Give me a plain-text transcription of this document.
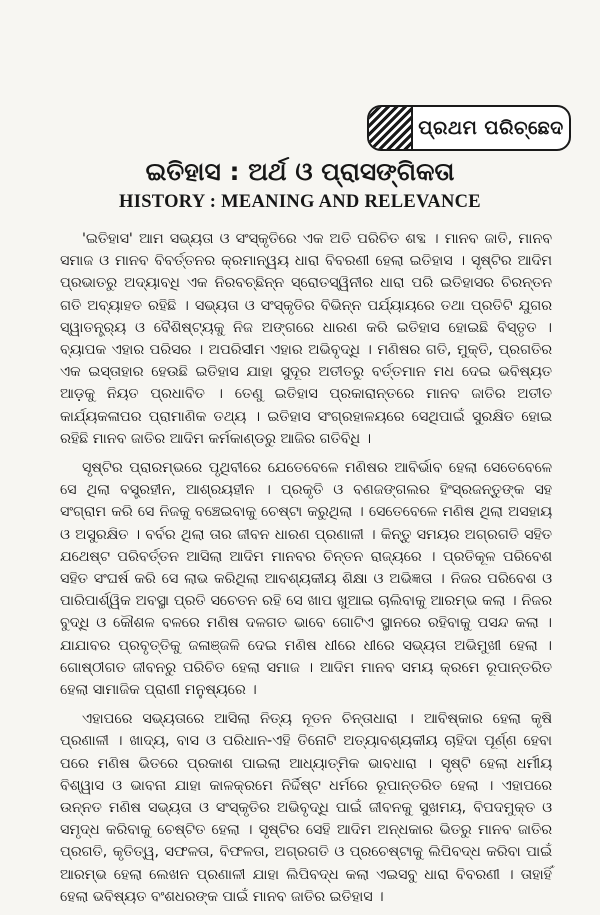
ପ୍ରଥମ ପରିଚ୍ଛେଦ
ଇତିହାସ : ଅର୍ଥ ଓ ପ୍ରାସଙ୍ଗିକତା
HISTORY : MEANING AND RELEVANCE

'ଇତିହାସ' ଆମ ସଭ୍ୟତା ଓ ସଂସ୍କୃତିରେ ଏକ ଅତି ପରିଚିତ ଶବ୍ଦ । ମାନବ ଜାତି, ମାନବ ସମାଜ ଓ ମାନବ ବିବର୍ତ୍ତନର କ୍ରମାନ୍ୱୟ ଧାରା ବିବରଣୀ ହେଲା ଇତିହାସ । ସୃଷ୍ଟିର ଆଦିମ ପ୍ରଭାତରୁ ଅଦ୍ୟାବଧି ଏକ ନିରବଚ୍ଛିନ୍ନ ସ୍ରୋତସ୍ୱିନୀର ଧାରା ପରି ଇତିହାସର ଚିରନ୍ତନ ଗତି ଅବ୍ୟାହତ ରହିଛି । ସଭ୍ୟତା ଓ ସଂସ୍କୃତିର ବିଭିନ୍ନ ପର୍ଯ୍ୟାୟରେ ତଥା ପ୍ରତିଟି ଯୁଗର ସ୍ୱାତନ୍ତ୍ର୍ୟ ଓ ବୈଶିଷ୍ଟ୍ୟକୁ ନିଜ ଅଙ୍ଗରେ ଧାରଣ କରି ଇତିହାସ ହୋଇଛି ବିସ୍ତୃତ । ବ୍ୟାପକ ଏହାର ପରିସର । ଅପରିସୀମ ଏହାର ଅଭିବୃଦ୍ଧି । ମଣିଷର ଗତି, ମୁକ୍ତି, ପ୍ରଗତିର ଏକ ଇସ୍ତାହାର ହେଉଛି ଇତିହାସ ଯାହା ସୁଦୂର ଅତୀତରୁ ବର୍ତ୍ତମାନ ମଧ ଦେଇ ଭବିଷ୍ୟତ ଆଡ଼କୁ ନିୟତ ପ୍ରଧାବିତ । ତେଣୁ ଇତିହାସ ପ୍ରକାରାନ୍ତରେ ମାନବ ଜାତିର ଅତୀତ କାର୍ଯ୍ୟକଳାପର ପ୍ରାମାଣିକ ତଥ୍ୟ । ଇତିହାସ ସଂଗ୍ରହାଳୟରେ ସେଥିପାଇଁ ସୁରକ୍ଷିତ ହୋଇ ରହିଛି ମାନବ ଜାତିର ଆଦିମ କର୍ମକାଣ୍ଡରୁ ଆଜିର ଗତିବିଧି ।

ସୃଷ୍ଟିର ପ୍ରାରମ୍ଭରେ ପୃଥିବୀରେ ଯେତେବେଳେ ମଣିଷର ଆବିର୍ଭାବ ହେଲା ସେତେବେଳେ ସେ ଥିଲା ବସ୍ତ୍ରହୀନ, ଆଶ୍ରୟହୀନ । ପ୍ରକୃତି ଓ ବଣଜଙ୍ଗଲର ହିଂସ୍ରଜନ୍ତୁଙ୍କ ସହ ସଂଗ୍ରାମ କରି ସେ ନିଜକୁ ବଞ୍ଚେଇବାକୁ ଚେଷ୍ଟା କରୁଥିଲା । ସେତେବେଳେ ମଣିଷ ଥିଲା ଅସହାୟ ଓ ଅସୁରକ୍ଷିତ । ବର୍ବର ଥିଲା ତାର ଜୀବନ ଧାରଣ ପ୍ରଣାଳୀ । କିନ୍ତୁ ସମୟର ଅଗ୍ରଗତି ସହିତ ଯଥେଷ୍ଟ ପରିବର୍ତ୍ତନ ଆସିଲା ଆଦିମ ମାନବର ଚିନ୍ତନ ରାଜ୍ୟରେ । ପ୍ରତିକୂଳ ପରିବେଶ ସହିତ ସଂଘର୍ଷ କରି ସେ ଲାଭ କରିଥିଲା ଆବଶ୍ୟକୀୟ ଶିକ୍ଷା ଓ ଅଭିଜ୍ଞତା । ନିଜର ପରିବେଶ ଓ ପାରିପାର୍ଶ୍ୱିକ ଅବସ୍ଥା ପ୍ରତି ସଚେତନ ରହି ସେ ଖାପ ଖୁଆଇ ଚାଲିବାକୁ ଆରମ୍ଭ କଲା । ନିଜର ବୁଦ୍ଧି ଓ କୌଶଳ ବଳରେ ମଣିଷ ଦଳଗତ ଭାବେ ଗୋଟିଏ ସ୍ଥାନରେ ରହିବାକୁ ପସନ୍ଦ କଲା । ଯାଯାବର ପ୍ରବୃତ୍ତିକୁ ଜଳାଞ୍ଜଳି ଦେଇ ମଣିଷ ଧୀରେ ଧୀରେ ସଭ୍ୟତା ଅଭିମୁଖୀ ହେଲା । ଗୋଷ୍ଠୀଗତ ଜୀବନରୁ ପରିଚିତ ହେଲା ସମାଜ । ଆଦିମ ମାନବ ସମୟ କ୍ରମେ ରୂପାନ୍ତରିତ ହେଲା ସାମାଜିକ ପ୍ରାଣୀ ମନୁଷ୍ୟରେ ।

ଏହାପରେ ସଭ୍ୟତାରେ ଆସିଲା ନିତ୍ୟ ନୂତନ ଚିନ୍ତାଧାରା । ଆବିଷ୍କାର ହେଲା କୃଷି ପ୍ରଣାଳୀ । ଖାଦ୍ୟ, ବାସ ଓ ପରିଧାନ-ଏହି ତିନୋଟି ଅତ୍ୟାବଶ୍ୟକୀୟ ଚାହିଦା ପୂର୍ଣ୍ଣ ହେବା ପରେ ମଣିଷ ଭିତରେ ପ୍ରକାଶ ପାଇଲା ଆଧ୍ୟାତ୍ମିକ ଭାବଧାରା । ସୃଷ୍ଟି ହେଲା ଧର୍ମୀୟ ବିଶ୍ୱାସ ଓ ଭାବନା ଯାହା କାଳକ୍ରମେ ନିର୍ଦ୍ଦିଷ୍ଟ ଧର୍ମରେ ରୂପାନ୍ତରିତ ହେଲା । ଏହାପରେ ଉନ୍ନତ ମଣିଷ ସଭ୍ୟତା ଓ ସଂସ୍କୃତିର ଅଭିବୃଦ୍ଧି ପାଇଁ ଜୀବନକୁ ସୁଖମୟ, ବିପଦମୁକ୍ତ ଓ ସମୃଦ୍ଧ କରିବାକୁ ଚେଷ୍ଟିତ ହେଲା । ସୃଷ୍ଟିର ସେହି ଆଦିମ ଅନ୍ଧକାର ଭିତରୁ ମାନବ ଜାତିର ପ୍ରଗତି, କୃତିତ୍ୱ, ସଫଳତା, ବିଫଳତା, ଅଗ୍ରଗତି ଓ ପ୍ରଚେଷ୍ଟାକୁ ଲିପିବଦ୍ଧ କରିବା ପାଇଁ ଆରମ୍ଭ ହେଲା ଲେଖନ ପ୍ରଣାଳୀ ଯାହା ଲିପିବଦ୍ଧ କଲା ଏଇସବୁ ଧାରା ବିବରଣୀ । ତାହାହିଁ ହେଲା ଭବିଷ୍ୟତ ବଂଶଧରଙ୍କ ପାଇଁ ମାନବ ଜାତିର ଇତିହାସ ।
